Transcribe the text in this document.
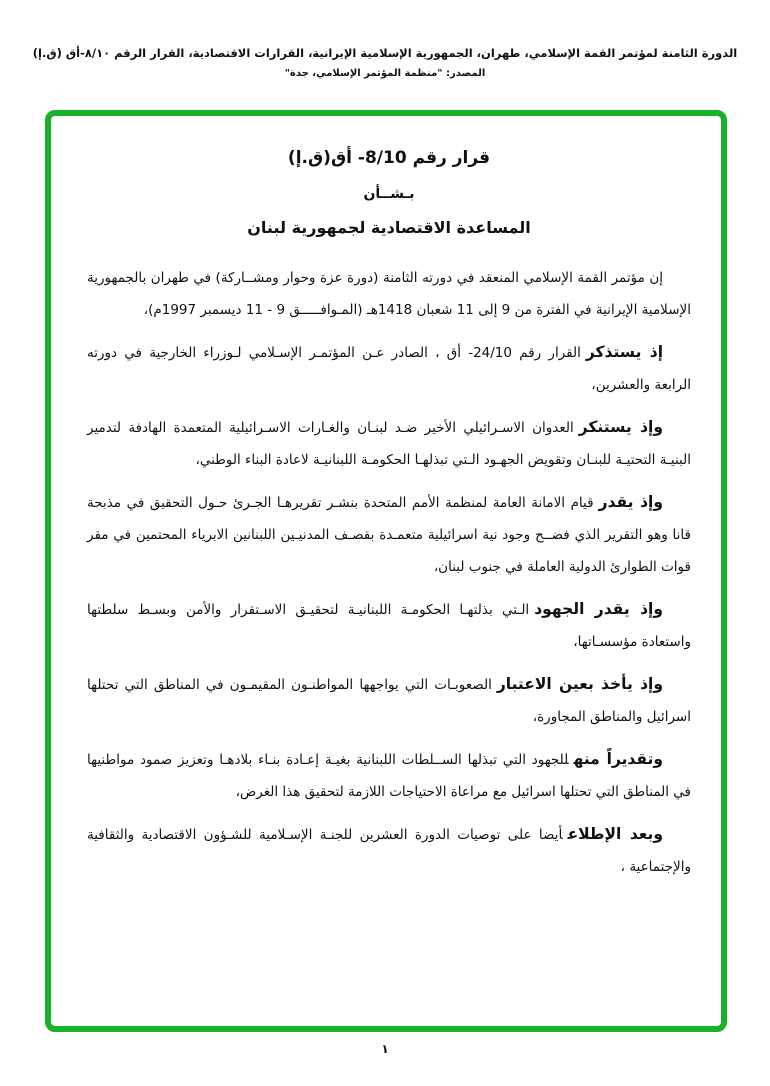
الدورة الثامنة لمؤتمر القمة الإسلامي، طهران، الجمهورية الإسلامية الإيرانية، القرارات الاقتصادية، القرار الرقم ٨/١٠-أق (ق.إ)
المصدر: "منظمة المؤتمر الإسلامي، جدة"
قرار رقم 8/10- أق(ق.إ)
بـشــأن
المساعدة الاقتصادية لجمهورية لبنان

إن مؤتمر القمة الإسلامي المنعقد في دورته الثامنة (دورة عزة وحوار ومشــاركة) في طهران بالجمهورية الإسلامية الإيرانية في الفترة من 9 إلى 11 شعبان 1418هـ (المـوافـــــق 9 - 11 ديسمبر 1997م)،

إذ يستذكرالقرار رقم 24/10- أق ، الصادر عـن المؤتمـر الإسـلامي لـوزراء الخارجية في دورته الرابعة والعشرين،

وإذ يستنكرالعدوان الاسـرائيلي الأخير ضـد لبنـان والغـارات الاسـرائيلية المتعمدة الهادفة لتدمير البنيـة التحتيـة للبنـان وتقويض الجهـود الـتي تبذلهـا الحكومـة اللبنانيـة لاعادة البناء الوطني،

وإذ يقدرقيام الامانة العامة لمنظمة الأمم المتحدة بنشـر تقريرهـا الجـرئ حـول التحقيق في مذبحة قانا وهو التقرير الذي فضــح وجود نية اسرائيلية متعمـدة بقصـف المدنيـين اللبنانين الابرياء المحتمين في مقر قوات الطوارئ الدولية العاملة في جنوب لبنان،

وإذ يقدر الجهودالـتي بذلتهـا الحكومـة اللبنانيـة لتحقيـق الاسـتقرار والأمن وبسـط سلطتها واستعادة مؤسسـاتها،

وإذ يأخذ بعين الاعتبارالصعوبـات التي يواجهها المواطنـون المقيمـون في المناطق التي تحتلها اسرائيل والمناطق المجاورة،

وتقديراً منهللجهود التي تبذلها الســلطات اللبنانية بغيـة إعـادة بنـاء بلادهـا وتعزيز صمود مواطنيها في المناطق التي تحتلها اسرائيل مع مراعاة الاحتياجات اللازمة لتحقيق هذا الغرض،

وبعد الإطلاعأيضا على توصيات الدورة العشرين للجنـة الإسـلامية للشـؤون الاقتصادية والثقافية والإجتماعية ،

١
